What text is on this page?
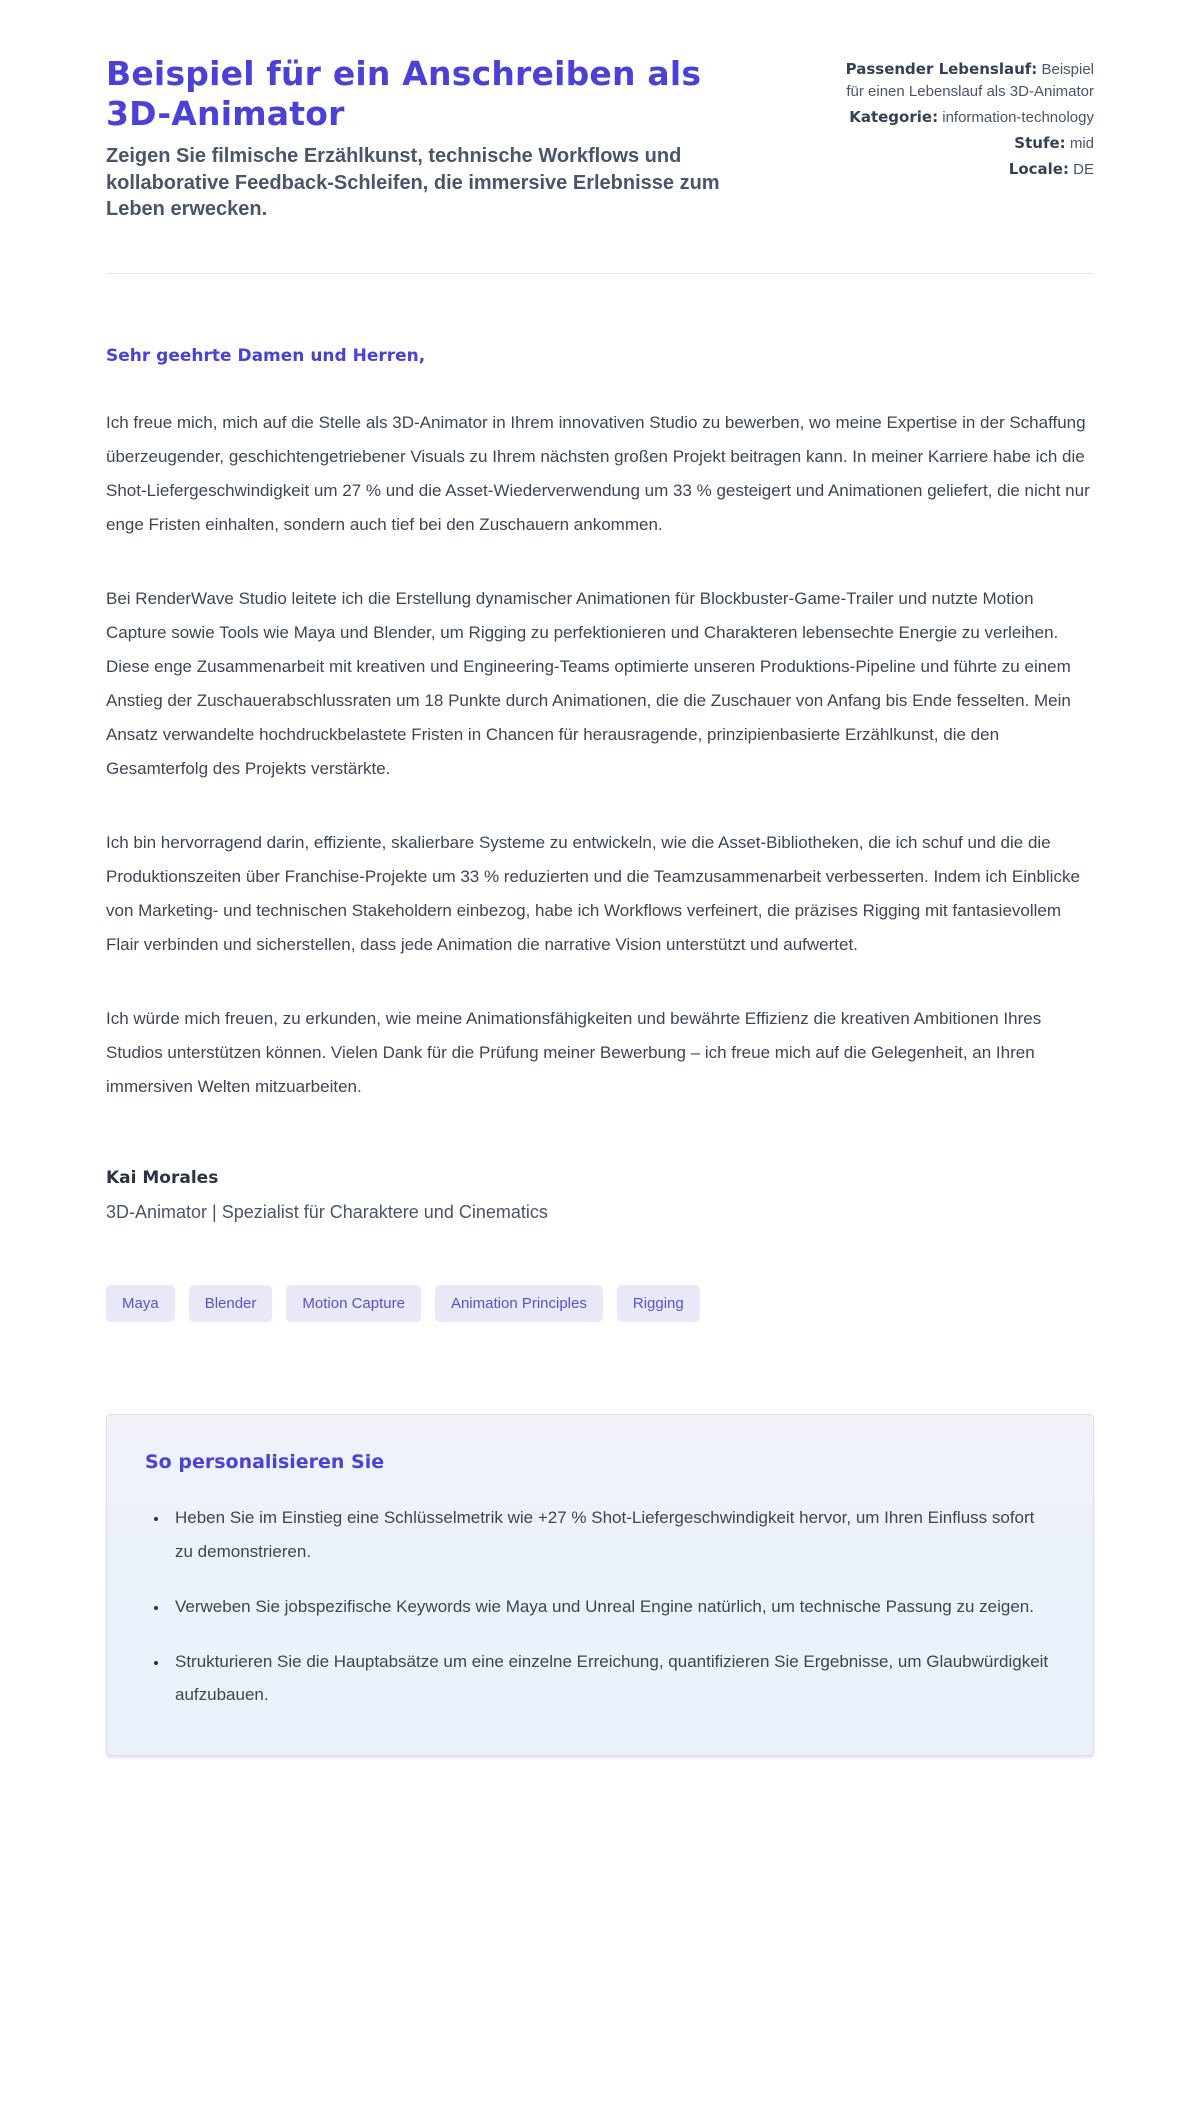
Beispiel für ein Anschreiben als 3D-Animator
Zeigen Sie filmische Erzählkunst, technische Workflows und kollaborative Feedback-Schleifen, die immersive Erlebnisse zum Leben erwecken.
Passender Lebenslauf: Beispiel für einen Lebenslauf als 3D-Animator
Kategorie: information-technology
Stufe: mid
Locale: DE

Sehr geehrte Damen und Herren,

Ich freue mich, mich auf die Stelle als 3D-Animator in Ihrem innovativen Studio zu bewerben, wo meine Expertise in der Schaffung überzeugender, geschichtengetriebener Visuals zu Ihrem nächsten großen Projekt beitragen kann. In meiner Karriere habe ich die Shot-Liefergeschwindigkeit um 27 % und die Asset-Wiederverwendung um 33 % gesteigert und Animationen geliefert, die nicht nur enge Fristen einhalten, sondern auch tief bei den Zuschauern ankommen.

Bei RenderWave Studio leitete ich die Erstellung dynamischer Animationen für Blockbuster-Game-Trailer und nutzte Motion Capture sowie Tools wie Maya und Blender, um Rigging zu perfektionieren und Charakteren lebensechte Energie zu verleihen. Diese enge Zusammenarbeit mit kreativen und Engineering-Teams optimierte unseren Produktions-Pipeline und führte zu einem Anstieg der Zuschauerabschlussraten um 18 Punkte durch Animationen, die die Zuschauer von Anfang bis Ende fesselten. Mein Ansatz verwandelte hochdruckbelastete Fristen in Chancen für herausragende, prinzipienbasierte Erzählkunst, die den Gesamterfolg des Projekts verstärkte.

Ich bin hervorragend darin, effiziente, skalierbare Systeme zu entwickeln, wie die Asset-Bibliotheken, die ich schuf und die die Produktionszeiten über Franchise-Projekte um 33 % reduzierten und die Teamzusammenarbeit verbesserten. Indem ich Einblicke von Marketing- und technischen Stakeholdern einbezog, habe ich Workflows verfeinert, die präzises Rigging mit fantasievollem Flair verbinden und sicherstellen, dass jede Animation die narrative Vision unterstützt und aufwertet.

Ich würde mich freuen, zu erkunden, wie meine Animationsfähigkeiten und bewährte Effizienz die kreativen Ambitionen Ihres Studios unterstützen können. Vielen Dank für die Prüfung meiner Bewerbung – ich freue mich auf die Gelegenheit, an Ihren immersiven Welten mitzuarbeiten.

Kai Morales

3D-Animator | Spezialist für Charaktere und Cinematics

Maya	Blender	Motion Capture	Animation Principles	Rigging
So personalisieren Sie
• Heben Sie im Einstieg eine Schlüsselmetrik wie +27 % Shot-Liefergeschwindigkeit hervor, um Ihren Einfluss sofort zu demonstrieren.
• Verweben Sie jobspezifische Keywords wie Maya und Unreal Engine natürlich, um technische Passung zu zeigen.
• Strukturieren Sie die Hauptabsätze um eine einzelne Erreichung, quantifizieren Sie Ergebnisse, um Glaubwürdigkeit aufzubauen.
